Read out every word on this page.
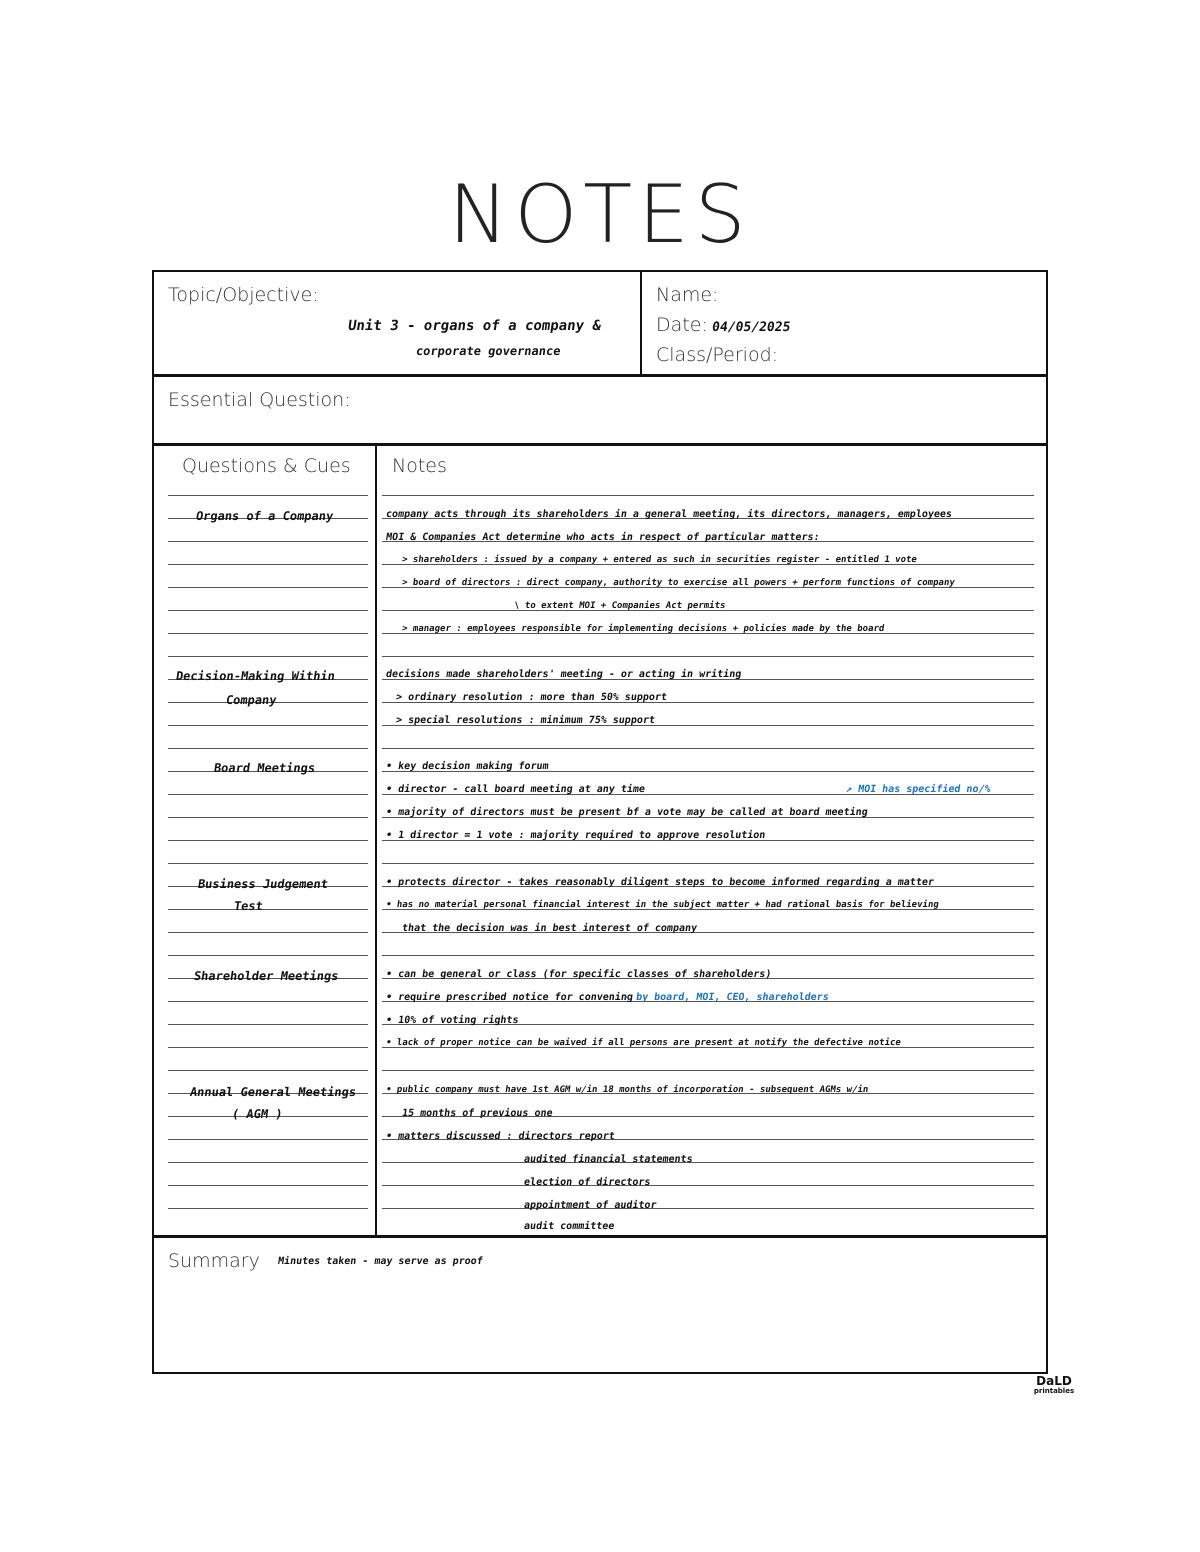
NOTES
Topic/Objective:
Unit 3 - organs of a company &
corporate governance
Name:
Date: 04/05/2025
Class/Period:
Essential Question:
Questions & Cues Notes
Organs of a Company
Decision-Making Within
Company
Board Meetings
Business Judgement
Test
Shareholder Meetings
Annual General Meetings
( AGM )
company acts through its shareholders in a general meeting, its directors, managers, employees
MOI & Companies Act determine who acts in respect of particular matters:
> shareholders : issued by a company + entered as such in securities register - entitled 1 vote
> board of directors : direct company, authority to exercise all powers + perform functions of company
\ to extent MOI + Companies Act permits
> manager : employees responsible for implementing decisions + policies made by the board
decisions made shareholders' meeting - or acting in writing
> ordinary resolution : more than 50% support
> special resolutions : minimum 75% support
• key decision making forum
• director - call board meeting at any time	↗ MOI has specified no/%
• majority of directors must be present bf a vote may be called at board meeting
• 1 director = 1 vote : majority required to approve resolution
• protects director - takes reasonably diligent steps to become informed regarding a matter
• has no material personal financial interest in the subject matter + had rational basis for believing
that the decision was in best interest of company
• can be general or class (for specific classes of shareholders)
• require prescribed notice for convening
- by board, MOI, CEO, shareholders
• 10% of voting rights
• lack of proper notice can be waived if all persons are present at notify the defective notice
• public company must have 1st AGM w/in 18 months of incorporation - subsequent AGMs w/in
15 months of previous one
• matters discussed : directors report
audited financial statements
election of directors
appointment of auditor
audit committee
Summary Minutes taken - may serve as proof
DaLD
printables
